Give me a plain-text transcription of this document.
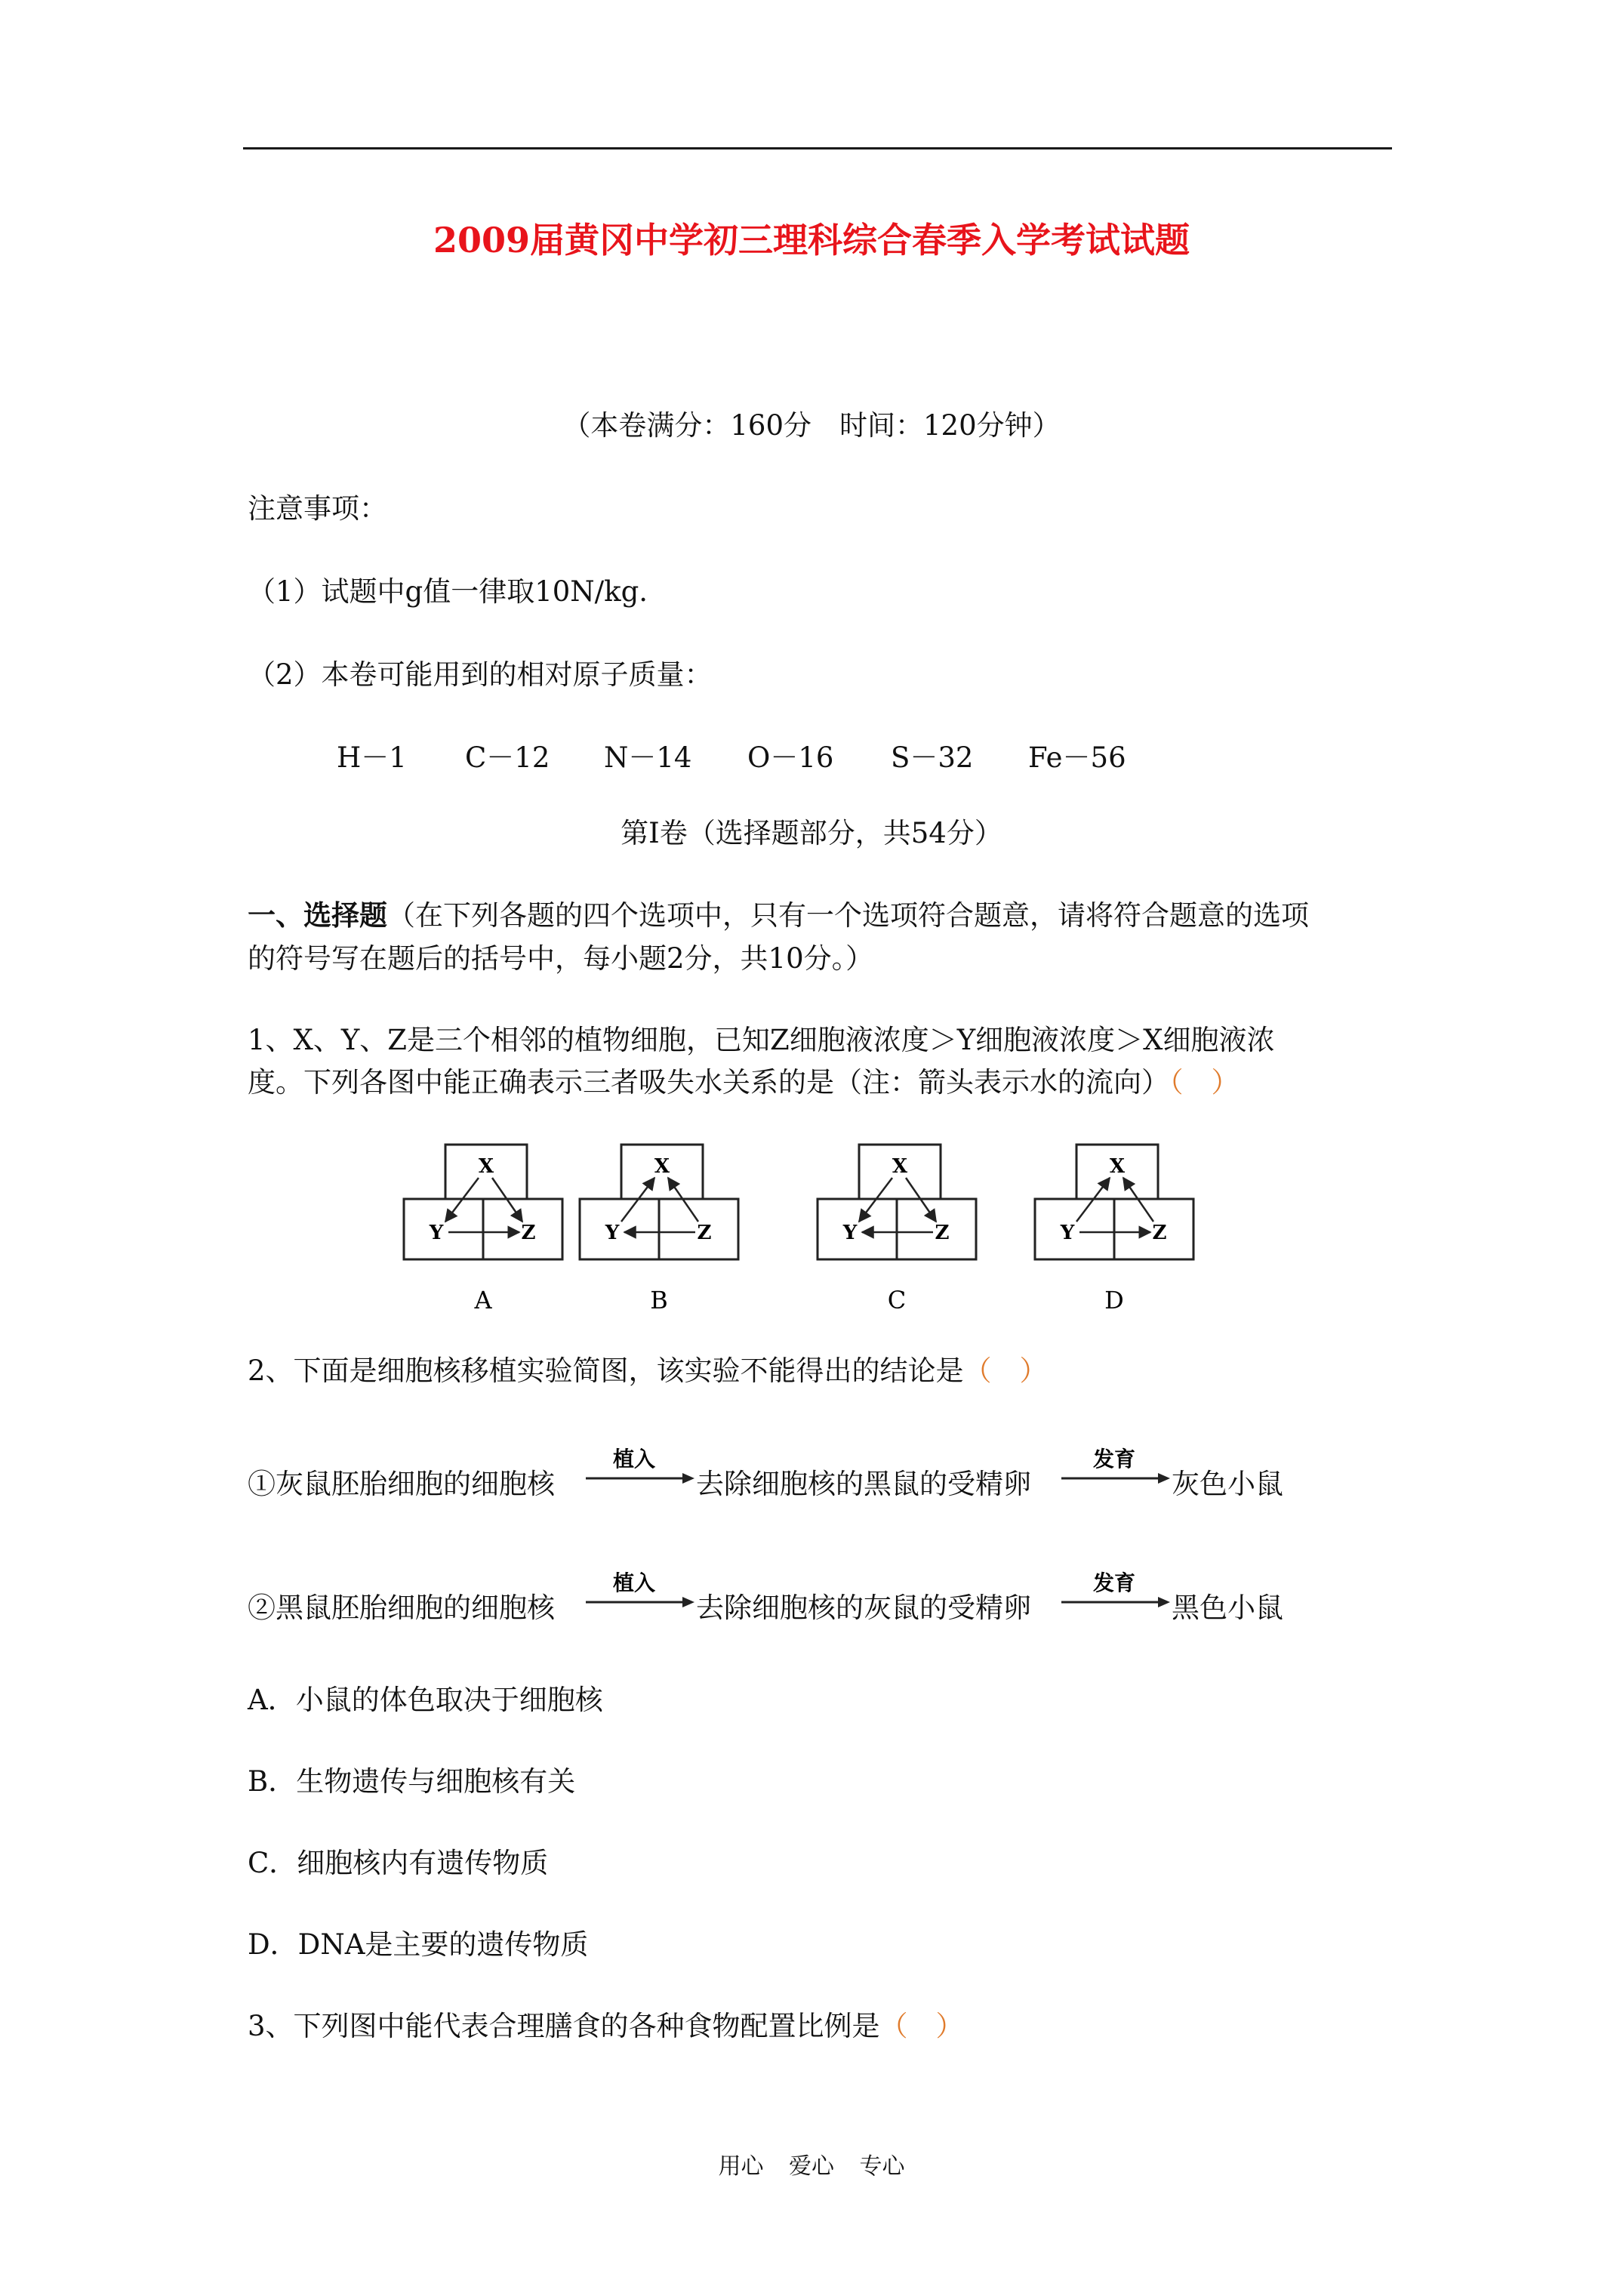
2009届黄冈中学初三理科综合春季入学考试试题
（本卷满分：160分　时间：120分钟）
注意事项：
（1）试题中g值一律取10N/kg.
（2）本卷可能用到的相对原子质量：
H－1 C－12 N－14 O－16 S－32 Fe－56
第Ⅰ卷（选择题部分，共54分）
一、选择题（在下列各题的四个选项中，只有一个选项符合题意，请将符合题意的选项
的符号写在题后的括号中，每小题2分，共10分。）
1、X、Y、Z是三个相邻的植物细胞，已知Z细胞液浓度＞Y细胞液浓度＞X细胞液浓
度。下列各图中能正确表示三者吸失水关系的是（注：箭头表示水的流向）（　）
X
Y	Z
A
X
Y	Z
B
X
Y	Z
C
X
Y	Z
D
2、下面是细胞核移植实验简图，该实验不能得出的结论是（　）
①灰鼠胚胎细胞的细胞核
植入
去除细胞核的黑鼠的受精卵
发育
灰色小鼠
②黑鼠胚胎细胞的细胞核
植入
去除细胞核的灰鼠的受精卵
发育
黑色小鼠
A．小鼠的体色取决于细胞核
B．生物遗传与细胞核有关
C．细胞核内有遗传物质
D．DNA是主要的遗传物质
3、下列图中能代表合理膳食的各种食物配置比例是（　）
用心 爱心 专心
